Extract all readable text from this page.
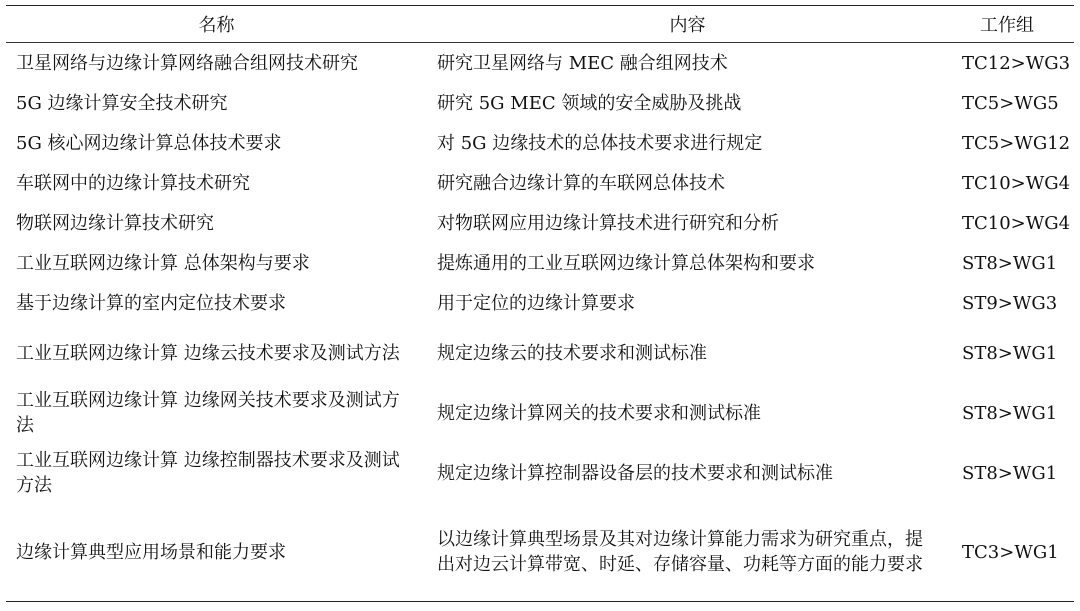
名称	内容	工作组
卫星网络与边缘计算网络融合组网技术研究	研究卫星网络与 MEC 融合组网技术	TC12>WG3
5G 边缘计算安全技术研究	研究 5G MEC 领域的安全威胁及挑战	TC5>WG5
5G 核心网边缘计算总体技术要求	对 5G 边缘技术的总体技术要求进行规定	TC5>WG12
车联网中的边缘计算技术研究	研究融合边缘计算的车联网总体技术	TC10>WG4
物联网边缘计算技术研究	对物联网应用边缘计算技术进行研究和分析	TC10>WG4
工业互联网边缘计算 总体架构与要求	提炼通用的工业互联网边缘计算总体架构和要求	ST8>WG1
基于边缘计算的室内定位技术要求	用于定位的边缘计算要求	ST9>WG3
工业互联网边缘计算 边缘云技术要求及测试方法	规定边缘云的技术要求和测试标准	ST8>WG1
工业互联网边缘计算 边缘网关技术要求及测试方法	规定边缘计算网关的技术要求和测试标准	ST8>WG1
工业互联网边缘计算 边缘控制器技术要求及测试方法	规定边缘计算控制器设备层的技术要求和测试标准	ST8>WG1
边缘计算典型应用场景和能力要求	以边缘计算典型场景及其对边缘计算能力需求为研究重点，提出对边云计算带宽、时延、存储容量、功耗等方面的能力要求	TC3>WG1
